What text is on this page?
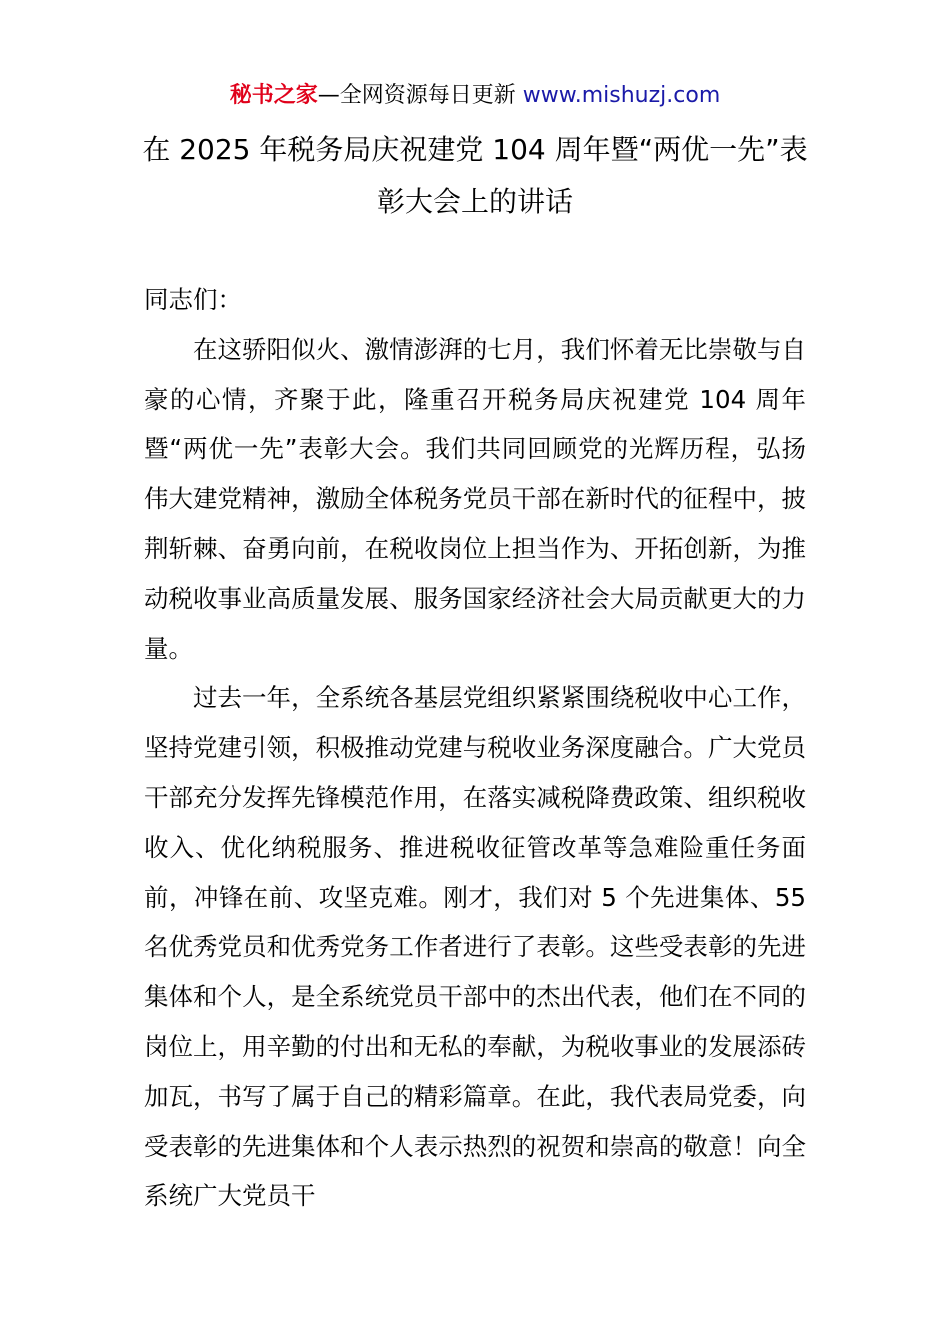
秘书之家—全网资源每日更新 www.mishuzj.com
在 2025 年税务局庆祝建党 104 周年暨“两优一先”表彰大会上的讲话

同志们：

在这骄阳似火、激情澎湃的七月，我们怀着无比崇敬与自豪的心情，齐聚于此，隆重召开税务局庆祝建党 104 周年暨“两优一先”表彰大会。我们共同回顾党的光辉历程，弘扬伟大建党精神，激励全体税务党员干部在新时代的征程中，披荆斩棘、奋勇向前，在税收岗位上担当作为、开拓创新，为推动税收事业高质量发展、服务国家经济社会大局贡献更大的力量。

过去一年，全系统各基层党组织紧紧围绕税收中心工作，坚持党建引领，积极推动党建与税收业务深度融合。广大党员干部充分发挥先锋模范作用，在落实减税降费政策、组织税收收入、优化纳税服务、推进税收征管改革等急难险重任务面前，冲锋在前、攻坚克难。刚才，我们对 5 个先进集体、55 名优秀党员和优秀党务工作者进行了表彰。这些受表彰的先进集体和个人，是全系统党员干部中的杰出代表，他们在不同的岗位上，用辛勤的付出和无私的奉献，为税收事业的发展添砖加瓦，书写了属于自己的精彩篇章。在此，我代表局党委，向受表彰的先进集体和个人表示热烈的祝贺和崇高的敬意！向全系统广大党员干
